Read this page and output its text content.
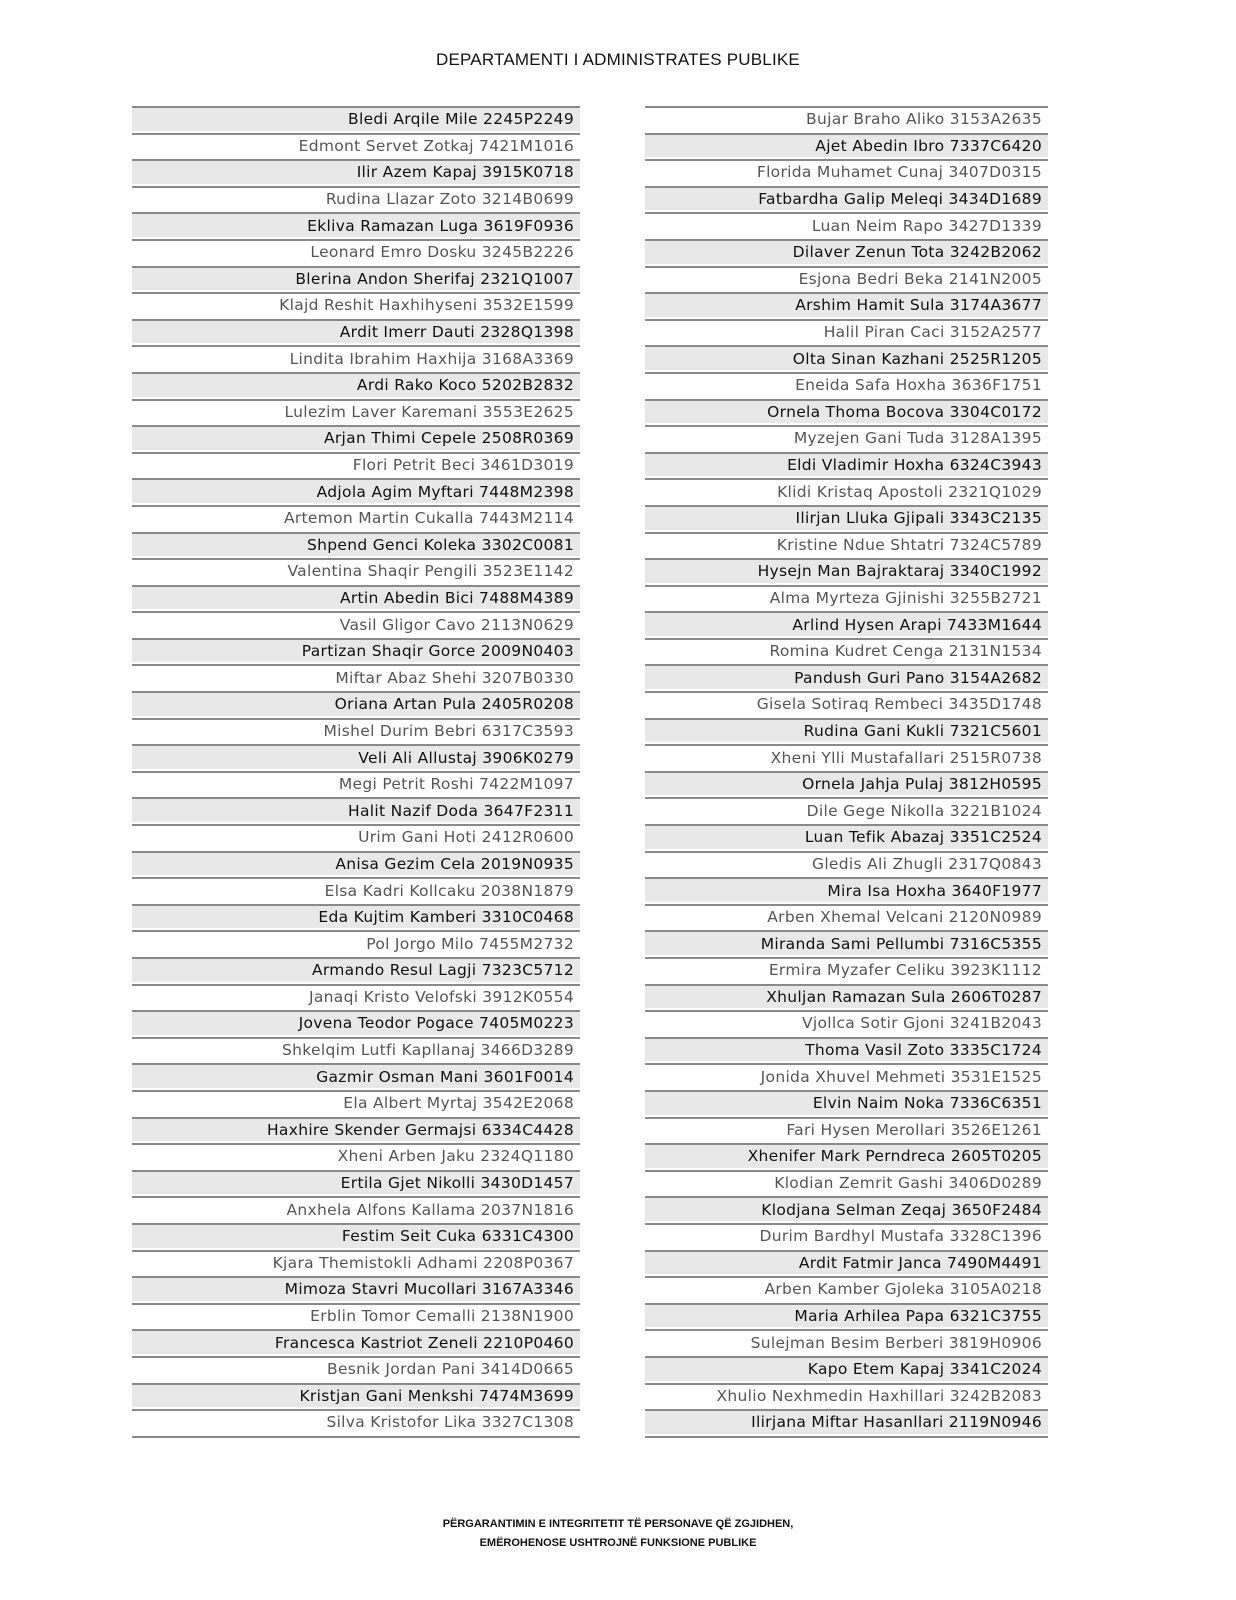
DEPARTAMENTI I ADMINISTRATES PUBLIKE
Bledi Arqile Mile 2245P2249
Edmont Servet Zotkaj 7421M1016
Ilir Azem Kapaj 3915K0718
Rudina Llazar Zoto 3214B0699
Ekliva Ramazan Luga 3619F0936
Leonard Emro Dosku 3245B2226
Blerina Andon Sherifaj 2321Q1007
Klajd Reshit Haxhihyseni 3532E1599
Ardit Imerr Dauti 2328Q1398
Lindita Ibrahim Haxhija 3168A3369
Ardi Rako Koco 5202B2832
Lulezim Laver Karemani 3553E2625
Arjan Thimi Cepele 2508R0369
Flori Petrit Beci 3461D3019
Adjola Agim Myftari 7448M2398
Artemon Martin Cukalla 7443M2114
Shpend Genci Koleka 3302C0081
Valentina Shaqir Pengili 3523E1142
Artin Abedin Bici 7488M4389
Vasil Gligor Cavo 2113N0629
Partizan Shaqir Gorce 2009N0403
Miftar Abaz Shehi 3207B0330
Oriana Artan Pula 2405R0208
Mishel Durim Bebri 6317C3593
Veli Ali Allustaj 3906K0279
Megi Petrit Roshi 7422M1097
Halit Nazif Doda 3647F2311
Urim Gani Hoti 2412R0600
Anisa Gezim Cela 2019N0935
Elsa Kadri Kollcaku 2038N1879
Eda Kujtim Kamberi 3310C0468
Pol Jorgo Milo 7455M2732
Armando Resul Lagji 7323C5712
Janaqi Kristo Velofski 3912K0554
Jovena Teodor Pogace 7405M0223
Shkelqim Lutfi Kapllanaj 3466D3289
Gazmir Osman Mani 3601F0014
Ela Albert Myrtaj 3542E2068
Haxhire Skender Germajsi 6334C4428
Xheni Arben Jaku 2324Q1180
Ertila Gjet Nikolli 3430D1457
Anxhela Alfons Kallama 2037N1816
Festim Seit Cuka 6331C4300
Kjara Themistokli Adhami 2208P0367
Mimoza Stavri Mucollari 3167A3346
Erblin Tomor Cemalli 2138N1900
Francesca Kastriot Zeneli 2210P0460
Besnik Jordan Pani 3414D0665
Kristjan Gani Menkshi 7474M3699
Silva Kristofor Lika 3327C1308
Bujar Braho Aliko 3153A2635
Ajet Abedin Ibro 7337C6420
Florida Muhamet Cunaj 3407D0315
Fatbardha Galip Meleqi 3434D1689
Luan Neim Rapo 3427D1339
Dilaver Zenun Tota 3242B2062
Esjona Bedri Beka 2141N2005
Arshim Hamit Sula 3174A3677
Halil Piran Caci 3152A2577
Olta Sinan Kazhani 2525R1205
Eneida Safa Hoxha 3636F1751
Ornela Thoma Bocova 3304C0172
Myzejen Gani Tuda 3128A1395
Eldi Vladimir Hoxha 6324C3943
Klidi Kristaq Apostoli 2321Q1029
Ilirjan Lluka Gjipali 3343C2135
Kristine Ndue Shtatri 7324C5789
Hysejn Man Bajraktaraj 3340C1992
Alma Myrteza Gjinishi 3255B2721
Arlind Hysen Arapi 7433M1644
Romina Kudret Cenga 2131N1534
Pandush Guri Pano 3154A2682
Gisela Sotiraq Rembeci 3435D1748
Rudina Gani Kukli 7321C5601
Xheni Ylli Mustafallari 2515R0738
Ornela Jahja Pulaj 3812H0595
Dile Gege Nikolla 3221B1024
Luan Tefik Abazaj 3351C2524
Gledis Ali Zhugli 2317Q0843
Mira Isa Hoxha 3640F1977
Arben Xhemal Velcani 2120N0989
Miranda Sami Pellumbi 7316C5355
Ermira Myzafer Celiku 3923K1112
Xhuljan Ramazan Sula 2606T0287
Vjollca Sotir Gjoni 3241B2043
Thoma Vasil Zoto 3335C1724
Jonida Xhuvel Mehmeti 3531E1525
Elvin Naim Noka 7336C6351
Fari Hysen Merollari 3526E1261
Xhenifer Mark Perndreca 2605T0205
Klodian Zemrit Gashi 3406D0289
Klodjana Selman Zeqaj 3650F2484
Durim Bardhyl Mustafa 3328C1396
Ardit Fatmir Janca 7490M4491
Arben Kamber Gjoleka 3105A0218
Maria Arhilea Papa 6321C3755
Sulejman Besim Berberi 3819H0906
Kapo Etem Kapaj 3341C2024
Xhulio Nexhmedin Haxhillari 3242B2083
Ilirjana Miftar Hasanllari 2119N0946
PËRGARANTIMIN E INTEGRITETIT TË PERSONAVE QË ZGJIDHEN,
EMËROHENOSE USHTROJNË FUNKSIONE PUBLIKE
